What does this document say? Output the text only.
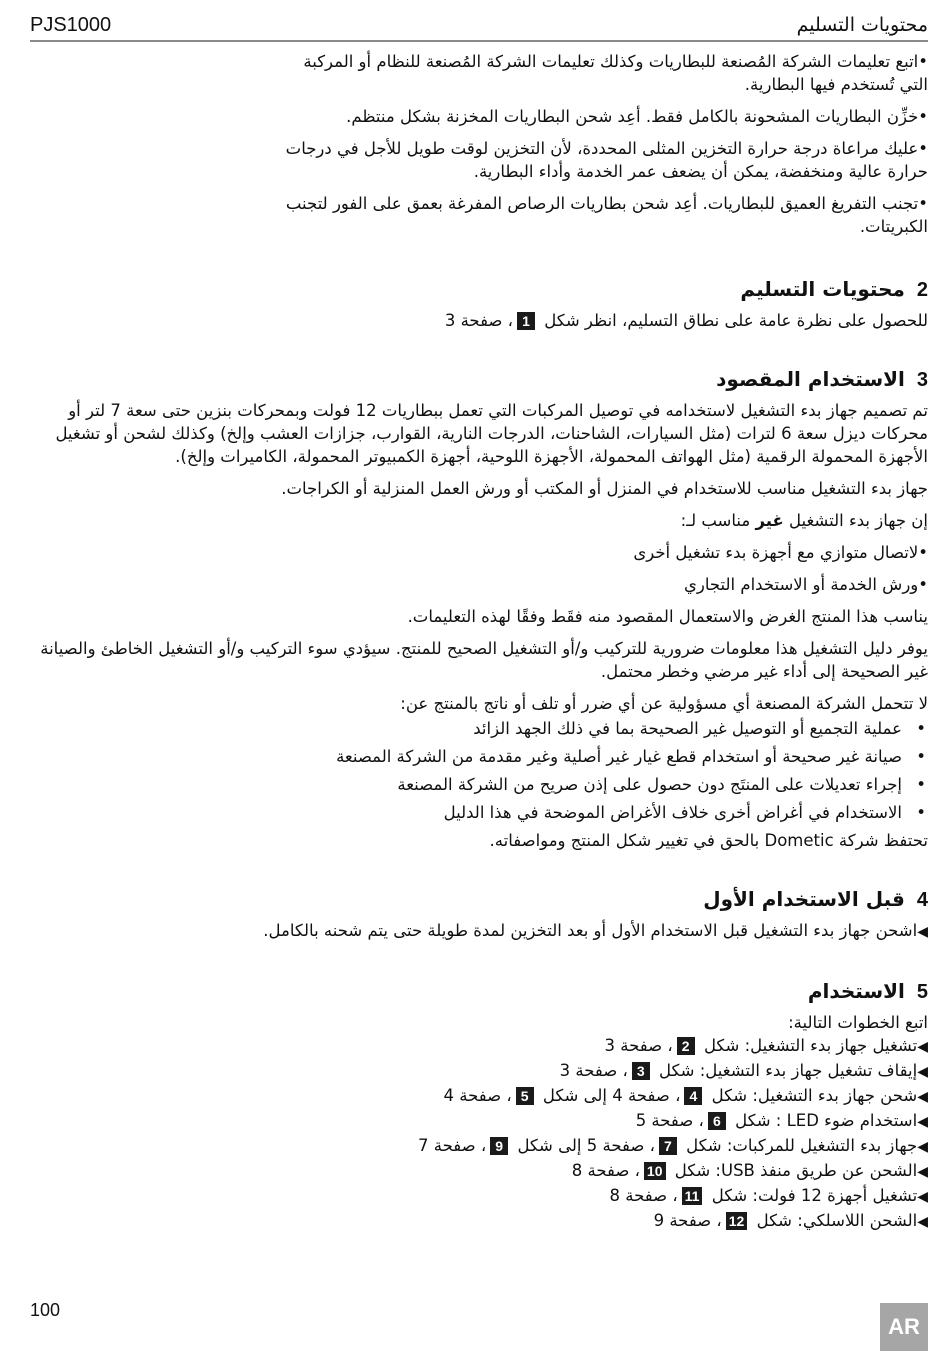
PJS1000	محتويات التسليم

•اتبع تعليمات الشركة المُصنعة للبطاريات وكذلك تعليمات الشركة المُصنعة للنظام أو المركبة

التي تُستخدم فيها البطارية.

•خزِّن البطاريات المشحونة بالكامل فقط. أعِد شحن البطاريات المخزنة بشكل منتظم.

•عليك مراعاة درجة حرارة التخزين المثلى المحددة، لأن التخزين لوقت طويل للأجل في درجات

حرارة عالية ومنخفضة، يمكن أن يضعف عمر الخدمة وأداء البطارية.

•تجنب التفريغ العميق للبطاريات. أعِد شحن بطاريات الرصاص المفرغة بعمق على الفور لتجنب

الكبريتات.

2محتويات التسليم

للحصول على نظرة عامة على نطاق التسليم، انظر شكل 1، صفحة 3

3الاستخدام المقصود

تم تصميم جهاز بدء التشغيل لاستخدامه في توصيل المركبات التي تعمل ببطاريات 12 فولت وبمحركات بنزين حتى سعة 7 لتر أو محركات ديزل سعة 6 لترات (مثل السيارات، الشاحنات، الدرجات النارية، القوارب، جزازات العشب وإلخ) وكذلك لشحن أو تشغيل الأجهزة المحمولة الرقمية (مثل الهواتف المحمولة، الأجهزة اللوحية، أجهزة الكمبيوتر المحمولة، الكاميرات وإلخ).

جهاز بدء التشغيل مناسب للاستخدام في المنزل أو المكتب أو ورش العمل المنزلية أو الكراجات.

إن جهاز بدء التشغيل غير مناسب لـ:

•لاتصال متوازي مع أجهزة بدء تشغيل أخرى

•ورش الخدمة أو الاستخدام التجاري

يناسب هذا المنتج الغرض والاستعمال المقصود منه فقَط وفقًا لهذه التعليمات.

يوفر دليل التشغيل هذا معلومات ضرورية للتركيب و/أو التشغيل الصحيح للمنتج. سيؤدي سوء التركيب و/أو التشغيل الخاطئ والصيانة غير الصحيحة إلى أداء غير مرضي وخطر محتمل.

لا تتحمل الشركة المصنعة أي مسؤولية عن أي ضرر أو تلف أو ناتج بالمنتج عن:

• عملية التجميع أو التوصيل غير الصحيحة بما في ذلك الجهد الزائد
• صيانة غير صحيحة أو استخدام قطع غيار غير أصلية وغير مقدمة من الشركة المصنعة
• إجراء تعديلات على المنتَج دون حصول على إذن صريح من الشركة المصنعة
• الاستخدام في أغراض أخرى خلاف الأغراض الموضحة في هذا الدليل

تحتفظ شركة Dometic بالحق في تغيير شكل المنتج ومواصفاته.

4قبل الاستخدام الأول

◀اشحن جهاز بدء التشغيل قبل الاستخدام الأول أو بعد التخزين لمدة طويلة حتى يتم شحنه بالكامل.

5الاستخدام

اتبع الخطوات التالية:

◀تشغيل جهاز بدء التشغيل: شكل 2، صفحة 3

◀إيقاف تشغيل جهاز بدء التشغيل: شكل 3، صفحة 3

◀شحن جهاز بدء التشغيل: شكل 4، صفحة 4 إلى شكل 5، صفحة 4

◀استخدام ضوء LED : شكل 6، صفحة 5

◀جهاز بدء التشغيل للمركبات: شكل 7، صفحة 5 إلى شكل 9، صفحة 7

◀الشحن عن طريق منفذ USB: شكل 10، صفحة 8

◀تشغيل أجهزة 12 فولت: شكل 11، صفحة 8

◀الشحن اللاسلكي: شكل 12، صفحة 9

100
AR
